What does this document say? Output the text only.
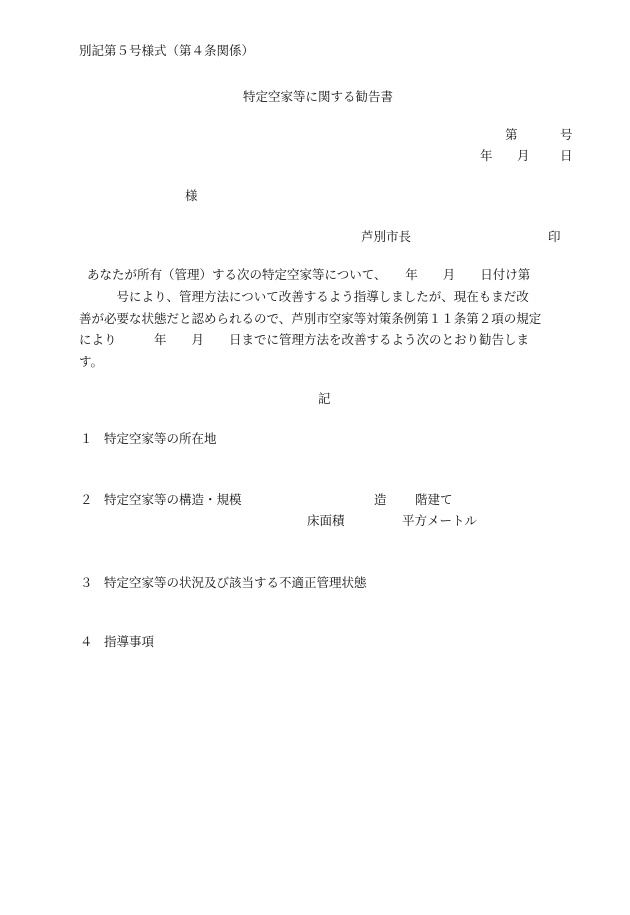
別記第５号様式（第４条関係）
特定空家等に関する勧告書
第	号
年 月 日
様
芦別市長	印
あなたが所有（管理）する次の特定空家等について、　　年　　月　　日付け第
　　　号により、管理方法について改善するよう指導しましたが、現在もまだ改
善が必要な状態だと認められるので、芦別市空家等対策条例第１１条第２項の規定
により　　　年　　月　　日までに管理方法を改善するよう次のとおり勧告しま
す。
記
１ 特定空家等の所在地
２ 特定空家等の構造・規模	造 階建て
床面積	平方メートル
３ 特定空家等の状況及び該当する不適正管理状態
４ 指導事項
